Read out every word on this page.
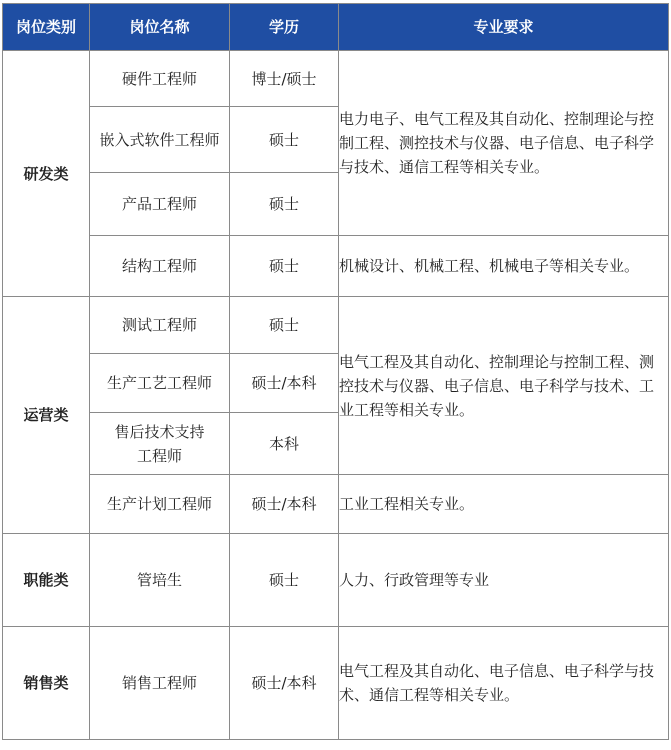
岗位类别	岗位名称	学历	专业要求
研发类	硬件工程师	博士/硕士	电力电子、电气工程及其自动化、控制理论与控制工程、测控技术与仪器、电子信息、电子科学与技术、通信工程等相关专业。
	嵌入式软件工程师	硕士	
	产品工程师	硕士	
	结构工程师	硕士	机械设计、机械工程、机械电子等相关专业。
运营类	测试工程师	硕士	电气工程及其自动化、控制理论与控制工程、测控技术与仪器、电子信息、电子科学与技术、工业工程等相关专业。
	生产工艺工程师	硕士/本科	
	售后技术支持工程师	本科	
	生产计划工程师	硕士/本科	工业工程相关专业。
职能类	管培生	硕士	人力、行政管理等专业
销售类	销售工程师	硕士/本科	电气工程及其自动化、电子信息、电子科学与技术、通信工程等相关专业。
